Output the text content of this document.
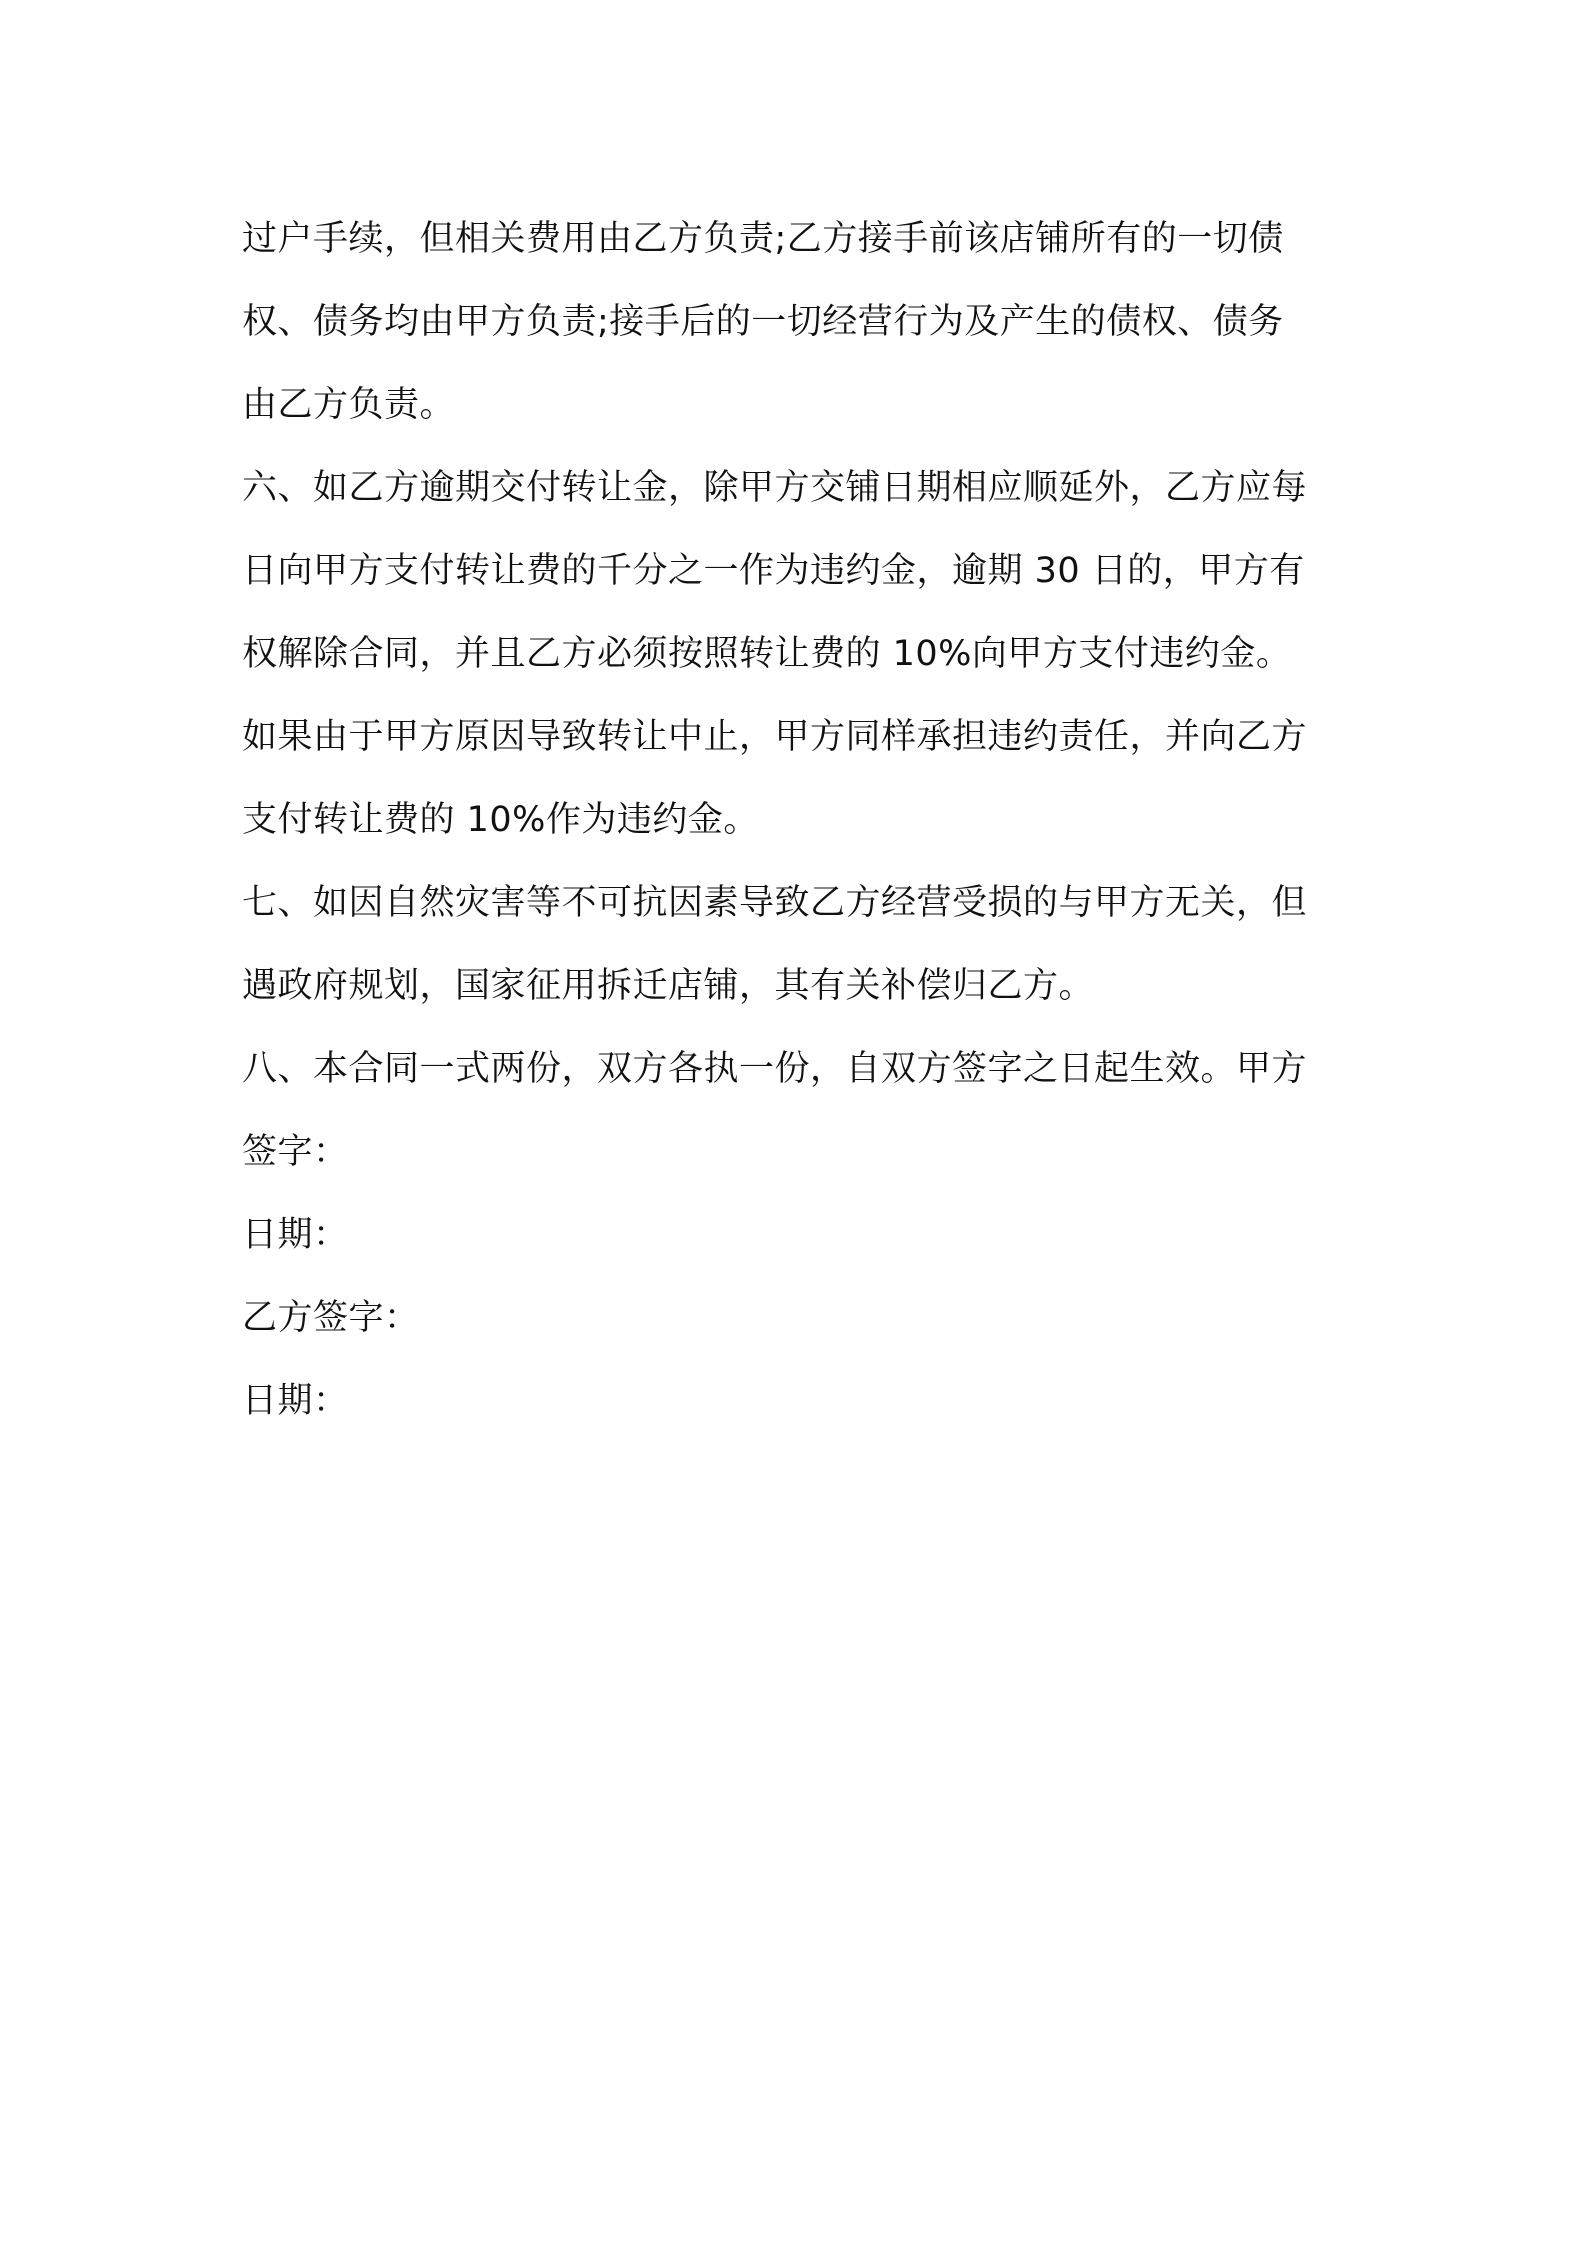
过户手续，但相关费用由乙方负责;乙方接手前该店铺所有的一切债
权、债务均由甲方负责;接手后的一切经营行为及产生的债权、债务
由乙方负责。
六、如乙方逾期交付转让金，除甲方交铺日期相应顺延外，乙方应每
日向甲方支付转让费的千分之一作为违约金，逾期 30 日的，甲方有
权解除合同，并且乙方必须按照转让费的 10%向甲方支付违约金。
如果由于甲方原因导致转让中止，甲方同样承担违约责任，并向乙方
支付转让费的 10%作为违约金。
七、如因自然灾害等不可抗因素导致乙方经营受损的与甲方无关，但
遇政府规划，国家征用拆迁店铺，其有关补偿归乙方。
八、本合同一式两份，双方各执一份，自双方签字之日起生效。甲方
签字：
日期：
乙方签字：
日期：
